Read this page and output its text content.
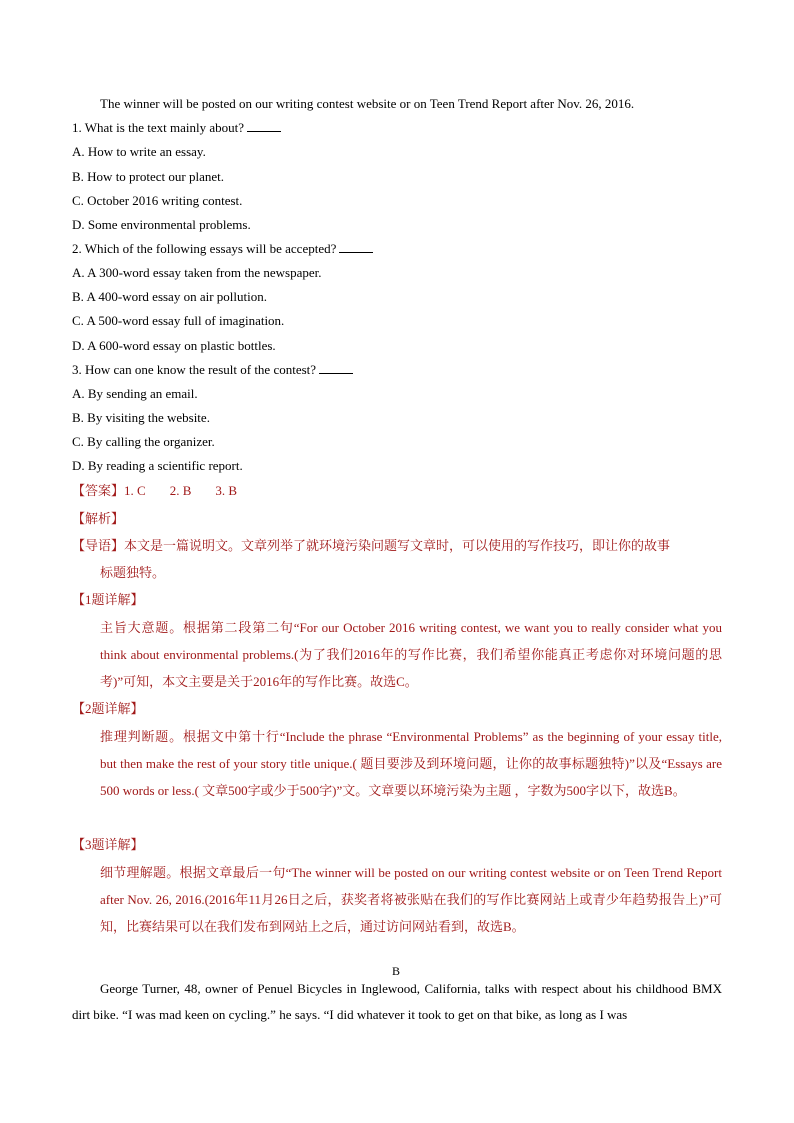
The winner will be posted on our writing contest website or on Teen Trend Report after Nov. 26, 2016.
1. What is the text mainly about?
A. How to write an essay.
B. How to protect our planet.
C. October 2016 writing contest.
D. Some environmental problems.
2. Which of the following essays will be accepted?
A. A 300-word essay taken from the newspaper.
B. A 400-word essay on air pollution.
C. A 500-word essay full of imagination.
D. A 600-word essay on plastic bottles.
3. How can one know the result of the contest?
A. By sending an email.
B. By visiting the website.
C. By calling the organizer.
D. By reading a scientific report.
【答案】1. C 2. B 3. B
【解析】
【导语】本文是一篇说明文。文章列举了就环境污染问题写文章时，可以使用的写作技巧，即让你的故事
标题独特。
【1题详解】
主旨大意题。根据第二段第二句“For our October 2016 writing contest, we want you to really consider what you think about environmental problems.(为了我们2016年的写作比赛，我们希望你能真正考虑你对环境问题的思考)”可知，本文主要是关于2016年的写作比赛。故选C。
【2题详解】
推理判断题。根据文中第十行“Include the phrase “Environmental Problems” as the beginning of your essay title, but then make the rest of your story title unique.( 题目要涉及到环境问题，让你的故事标题独特)”以及“Essays are 500 words or less.( 文章500字或少于500字)”文。文章要以环境污染为主题 ，字数为500字以下，故选B。
【3题详解】
细节理解题。根据文章最后一句“The winner will be posted on our writing contest website or on Teen Trend Report after Nov. 26, 2016.(2016年11月26日之后，获奖者将被张贴在我们的写作比赛网站上或青少年趋势报告上)”可知，比赛结果可以在我们发布到网站上之后，通过访问网站看到，故选B。
B
George Turner, 48, owner of Penuel Bicycles in Inglewood, California, talks with respect about his childhood BMX dirt bike. “I was mad keen on cycling.” he says. “I did whatever it took to get on that bike, as long as I was
